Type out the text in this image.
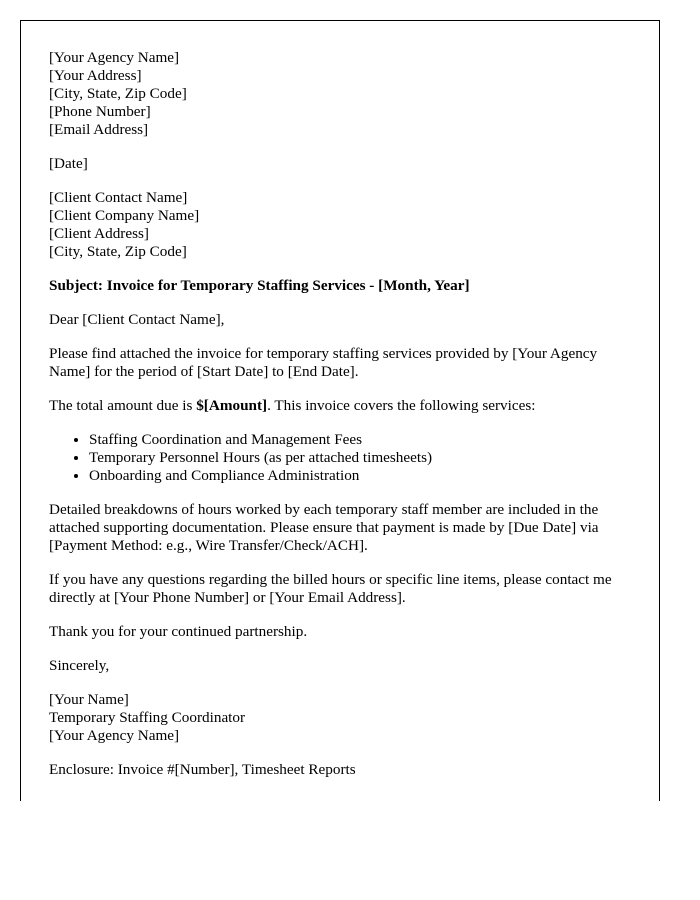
[Your Agency Name]

[Your Address]

[City, State, Zip Code]

[Phone Number]

[Email Address]

[Date]

[Client Contact Name]

[Client Company Name]

[Client Address]

[City, State, Zip Code]

Subject: Invoice for Temporary Staffing Services - [Month, Year]

Dear [Client Contact Name],

Please find attached the invoice for temporary staffing services provided by [Your Agency Name] for the period of [Start Date] to [End Date].

The total amount due is $[Amount]. This invoice covers the following services:

• Staffing Coordination and Management Fees
• Temporary Personnel Hours (as per attached timesheets)
• Onboarding and Compliance Administration

Detailed breakdowns of hours worked by each temporary staff member are included in the attached supporting documentation. Please ensure that payment is made by [Due Date] via [Payment Method: e.g., Wire Transfer/Check/ACH].

If you have any questions regarding the billed hours or specific line items, please contact me directly at [Your Phone Number] or [Your Email Address].

Thank you for your continued partnership.

Sincerely,

[Your Name]

Temporary Staffing Coordinator

[Your Agency Name]

Enclosure: Invoice #[Number], Timesheet Reports
